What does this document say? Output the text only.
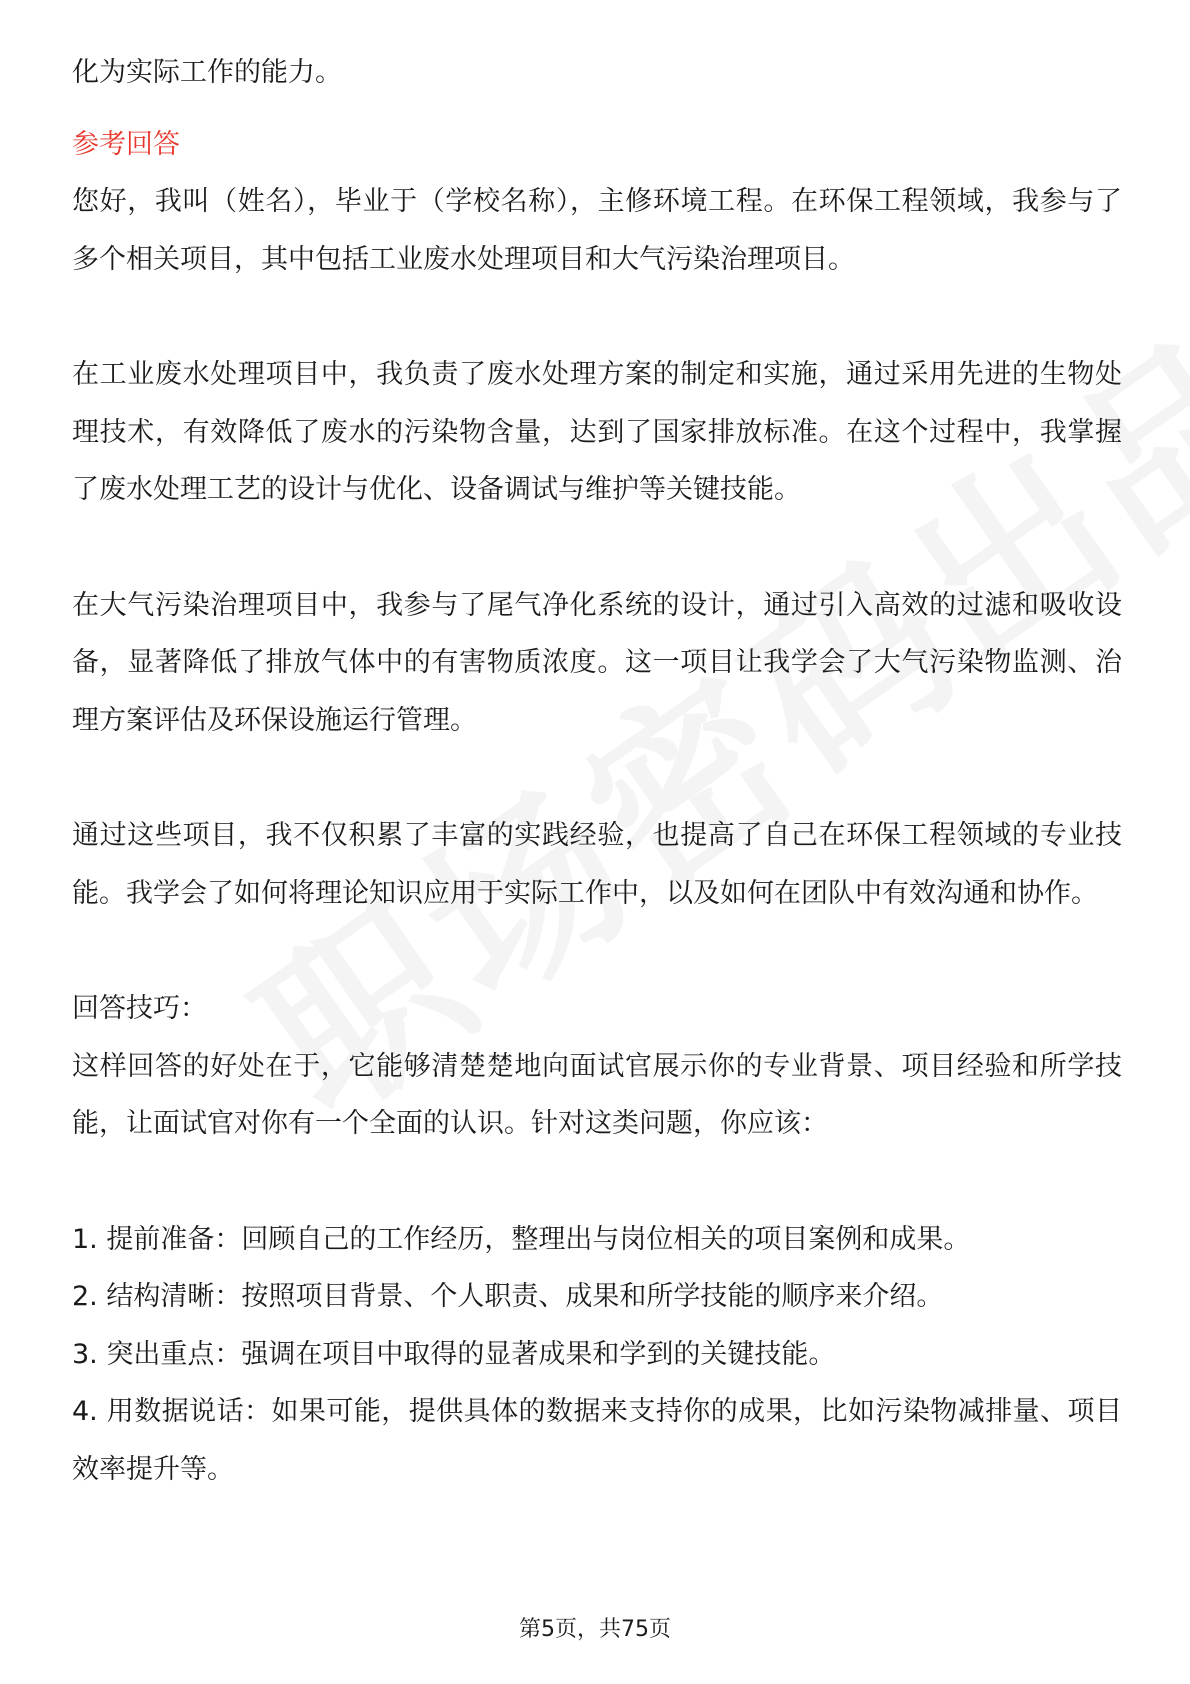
化为实际工作的能力。

参考回答

您好，我叫（姓名），毕业于（学校名称），主修环境工程。在环保工程领域，我参与了多个相关项目，其中包括工业废水处理项目和大气污染治理项目。

在工业废水处理项目中，我负责了废水处理方案的制定和实施，通过采用先进的生物处理技术，有效降低了废水的污染物含量，达到了国家排放标准。在这个过程中，我掌握了废水处理工艺的设计与优化、设备调试与维护等关键技能。

在大气污染治理项目中，我参与了尾气净化系统的设计，通过引入高效的过滤和吸收设备，显著降低了排放气体中的有害物质浓度。这一项目让我学会了大气污染物监测、治理方案评估及环保设施运行管理。

通过这些项目，我不仅积累了丰富的实践经验，也提高了自己在环保工程领域的专业技能。我学会了如何将理论知识应用于实际工作中，以及如何在团队中有效沟通和协作。

回答技巧：

这样回答的好处在于，它能够清楚楚地向面试官展示你的专业背景、项目经验和所学技能，让面试官对你有一个全面的认识。针对这类问题，你应该：

1. 提前准备：回顾自己的工作经历，整理出与岗位相关的项目案例和成果。

2. 结构清晰：按照项目背景、个人职责、成果和所学技能的顺序来介绍。

3. 突出重点：强调在项目中取得的显著成果和学到的关键技能。

4. 用数据说话：如果可能，提供具体的数据来支持你的成果，比如污染物减排量、项目效率提升等。

第5页，共75页
